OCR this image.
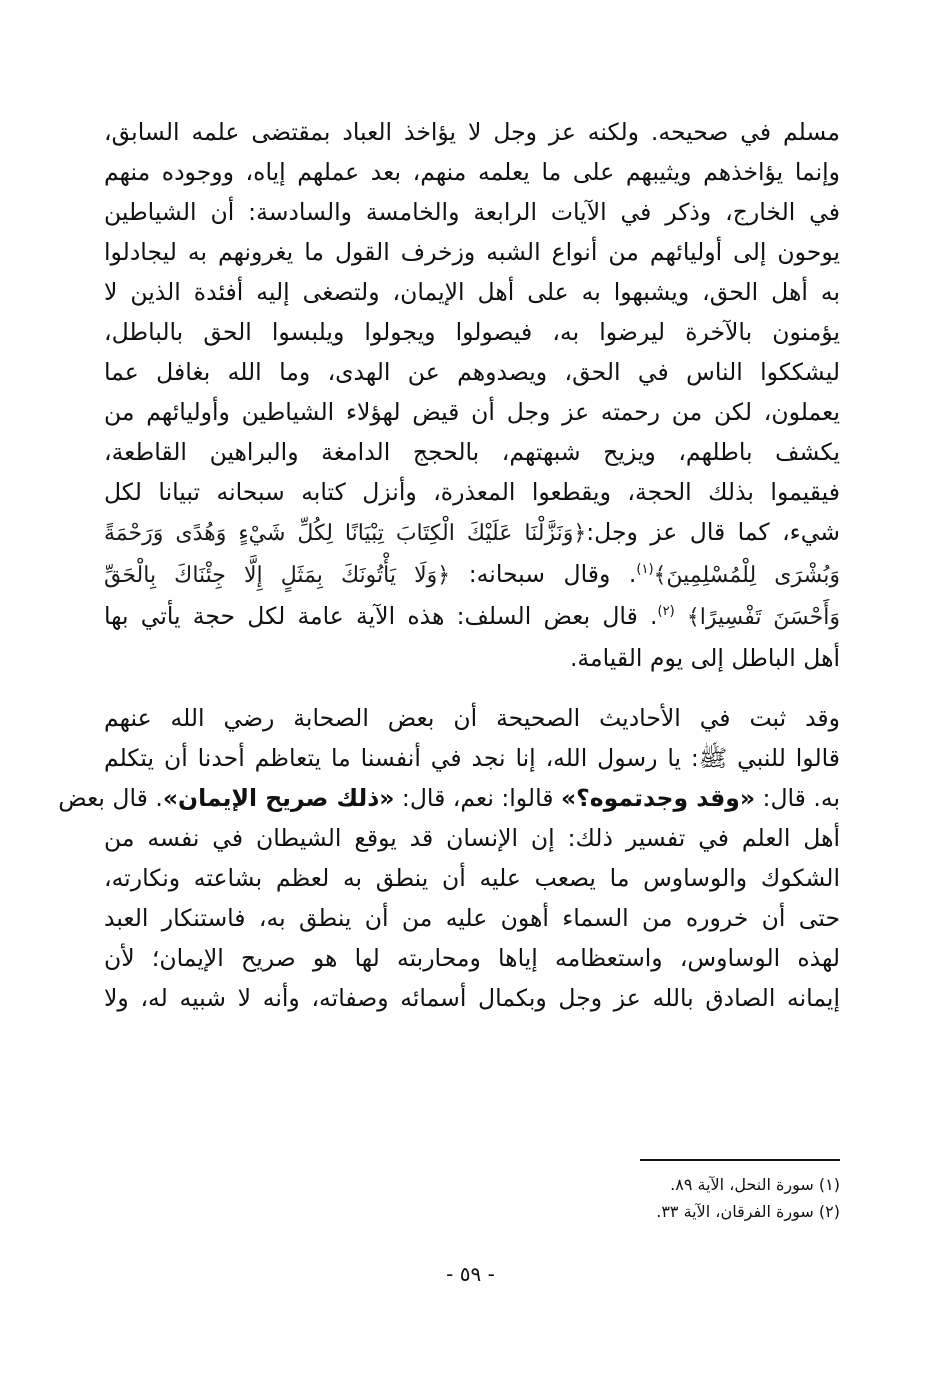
مسلم في صحيحه. ولكنه عز وجل لا يؤاخذ العباد بمقتضى علمه السابق،
وإنما يؤاخذهم ويثيبهم على ما يعلمه منهم، بعد عملهم إياه، ووجوده منهم
في الخارج، وذكر في الآيات الرابعة والخامسة والسادسة: أن الشياطين
يوحون إلى أوليائهم من أنواع الشبه وزخرف القول ما يغرونهم به ليجادلوا
به أهل الحق، ويشبهوا به على أهل الإيمان، ولتصغى إليه أفئدة الذين لا
يؤمنون بالآخرة ليرضوا به، فيصولوا ويجولوا ويلبسوا الحق بالباطل،
ليشككوا الناس في الحق، ويصدوهم عن الهدى، وما الله بغافل عما
يعملون، لكن من رحمته عز وجل أن قيض لهؤلاء الشياطين وأوليائهم من
يكشف باطلهم، ويزيح شبهتهم، بالحجج الدامغة والبراهين القاطعة،
فيقيموا بذلك الحجة، ويقطعوا المعذرة، وأنزل كتابه سبحانه تبيانا لكل
شيء، كما قال عز وجل:﴿وَنَزَّلْنَا عَلَيْكَ الْكِتَابَ تِبْيَانًا لِكُلِّ شَيْءٍ وَهُدًى وَرَحْمَةً
وَبُشْرَى لِلْمُسْلِمِينَ﴾$^{(١)}$. وقال سبحانه: ﴿وَلَا يَأْتُونَكَ بِمَثَلٍ إِلَّا جِئْنَاكَ بِالْحَقِّ
وَأَحْسَنَ تَفْسِيرًا﴾ $^{(٢)}$. قال بعض السلف: هذه الآية عامة لكل حجة يأتي بها
أهل الباطل إلى يوم القيامة.

وقد ثبت في الأحاديث الصحيحة أن بعض الصحابة رضي الله عنهم
قالوا للنبي ﷺ: يا رسول الله، إنا نجد في أنفسنا ما يتعاظم أحدنا أن يتكلم
به. قال: «وقد وجدتموه؟» قالوا: نعم، قال: «ذلك صريح الإيمان». قال بعض
أهل العلم في تفسير ذلك: إن الإنسان قد يوقع الشيطان في نفسه من
الشكوك والوساوس ما يصعب عليه أن ينطق به لعظم بشاعته ونكارته،
حتى أن خروره من السماء أهون عليه من أن ينطق به، فاستنكار العبد
لهذه الوساوس، واستعظامه إياها ومحاربته لها هو صريح الإيمان؛ لأن
إيمانه الصادق بالله عز وجل وبكمال أسمائه وصفاته، وأنه لا شبيه له، ولا

(١) سورة النحل، الآية ٨٩.
(٢) سورة الفرقان، الآية ٣٣.
- ٥٩ -
